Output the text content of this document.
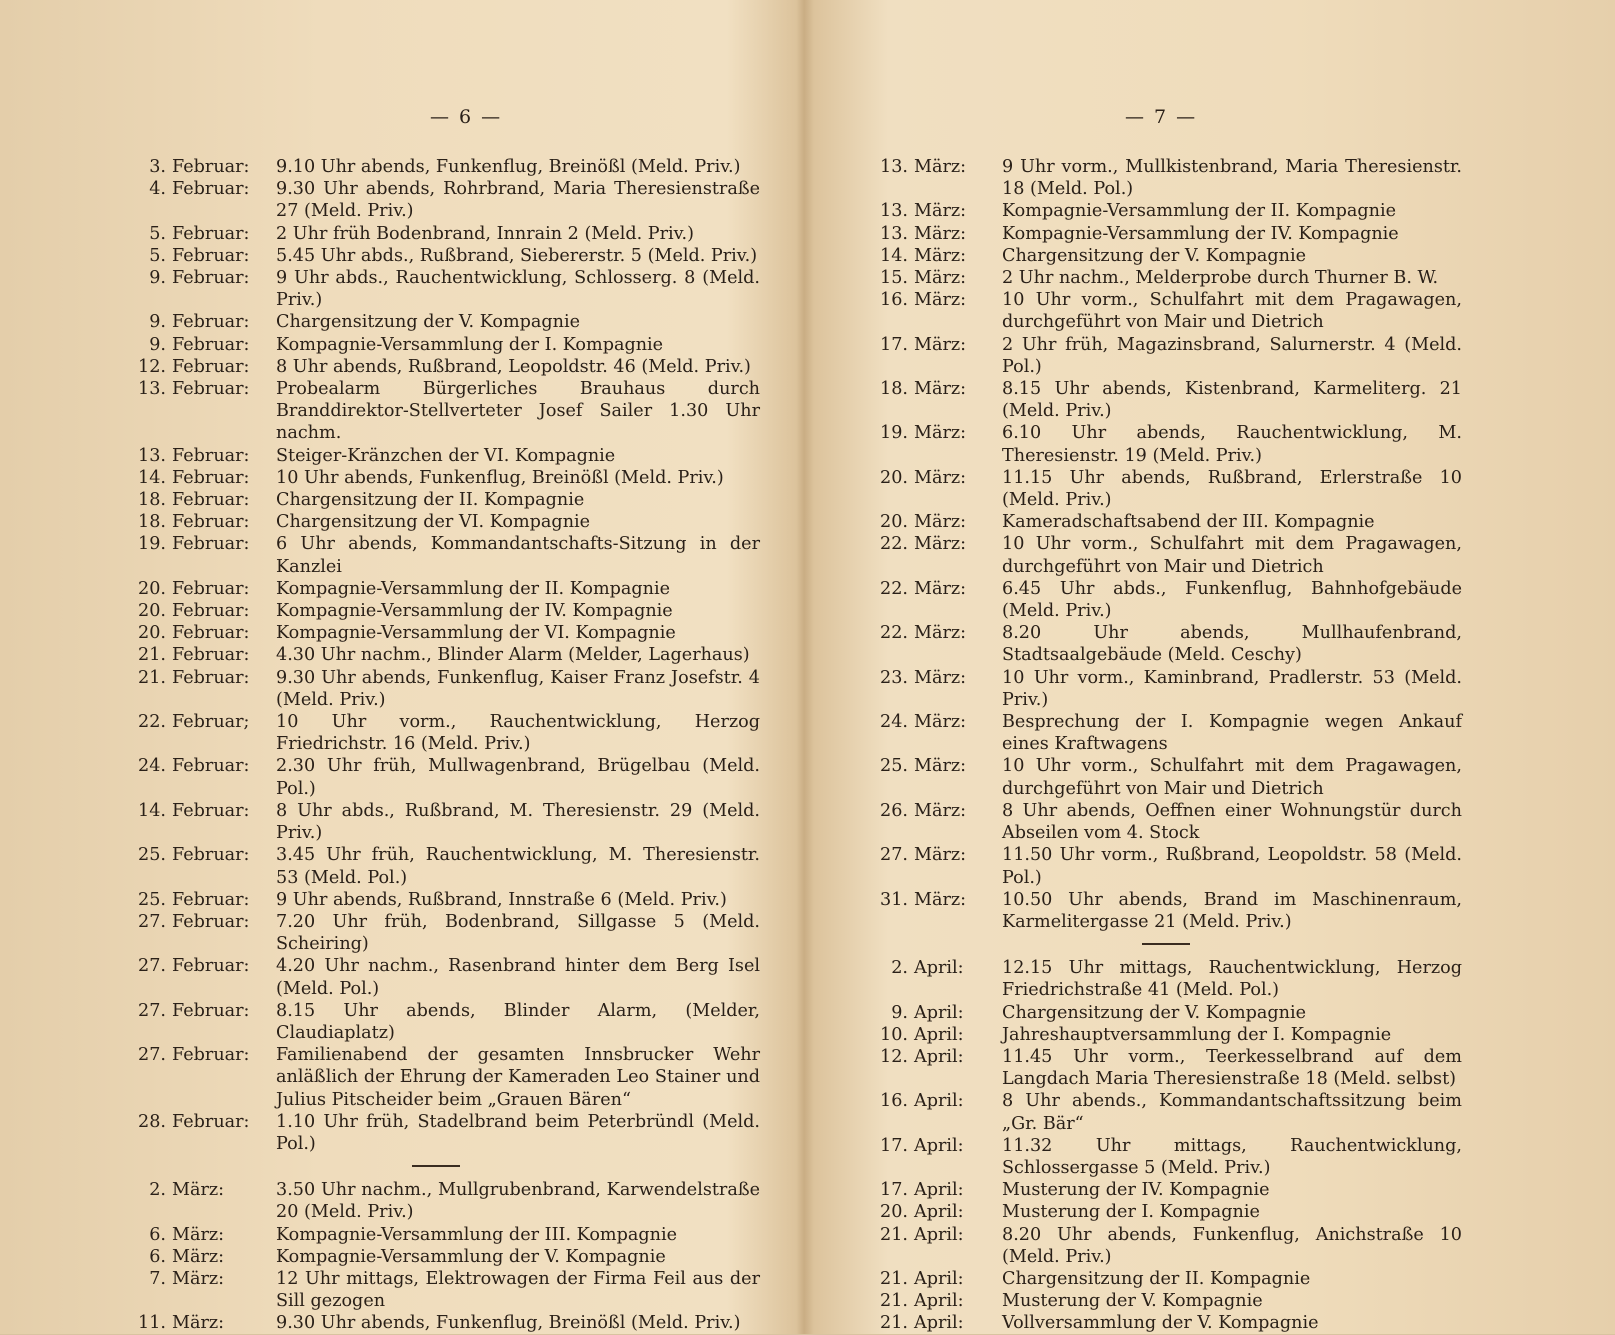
— 6 —
3. Februar:	9.10 Uhr abends, Funkenflug, Breinößl (Meld. Priv.)
4. Februar:	9.30 Uhr abends, Rohrbrand, Maria Theresienstraße 27 (Meld. Priv.)
5. Februar:	2 Uhr früh Bodenbrand, Innrain 2 (Meld. Priv.)
5. Februar:	5.45 Uhr abds., Rußbrand, Siebererstr. 5 (Meld. Priv.)
9. Februar:	9 Uhr abds., Rauchentwicklung, Schlosserg. 8 (Meld. Priv.)
9. Februar:	Chargensitzung der V. Kompagnie
9. Februar:	Kompagnie-Versammlung der I. Kompagnie
12. Februar:	8 Uhr abends, Rußbrand, Leopoldstr. 46 (Meld. Priv.)
13. Februar:	Probealarm Bürgerliches Brauhaus durch Branddirektor-Stellverteter Josef Sailer 1.30 Uhr nachm.
13. Februar:	Steiger-Kränzchen der VI. Kompagnie
14. Februar:	10 Uhr abends, Funkenflug, Breinößl (Meld. Priv.)
18. Februar:	Chargensitzung der II. Kompagnie
18. Februar:	Chargensitzung der VI. Kompagnie
19. Februar:	6 Uhr abends, Kommandantschafts-Sitzung in der Kanzlei
20. Februar:	Kompagnie-Versammlung der II. Kompagnie
20. Februar:	Kompagnie-Versammlung der IV. Kompagnie
20. Februar:	Kompagnie-Versammlung der VI. Kompagnie
21. Februar:	4.30 Uhr nachm., Blinder Alarm (Melder, Lagerhaus)
21. Februar:	9.30 Uhr abends, Funkenflug, Kaiser Franz Josefstr. 4 (Meld. Priv.)
22. Februar;	10 Uhr vorm., Rauchentwicklung, Herzog Friedrichstr. 16 (Meld. Priv.)
24. Februar:	2.30 Uhr früh, Mullwagenbrand, Brügelbau (Meld. Pol.)
14. Februar:	8 Uhr abds., Rußbrand, M. Theresienstr. 29 (Meld. Priv.)
25. Februar:	3.45 Uhr früh, Rauchentwicklung, M. Theresienstr. 53 (Meld. Pol.)
25. Februar:	9 Uhr abends, Rußbrand, Innstraße 6 (Meld. Priv.)
27. Februar:	7.20 Uhr früh, Bodenbrand, Sillgasse 5 (Meld. Scheiring)
27. Februar:	4.20 Uhr nachm., Rasenbrand hinter dem Berg Isel (Meld. Pol.)
27. Februar:	8.15 Uhr abends, Blinder Alarm, (Melder, Claudiaplatz)
27. Februar:	Familienabend der gesamten Innsbrucker Wehr anläßlich der Ehrung der Kameraden Leo Stainer und Julius Pitscheider beim „Grauen Bären“
28. Februar:	1.10 Uhr früh, Stadelbrand beim Peterbründl (Meld. Pol.)
2. März:	3.50 Uhr nachm., Mullgrubenbrand, Karwendelstraße 20 (Meld. Priv.)
6. März:	Kompagnie-Versammlung der III. Kompagnie
6. März:	Kompagnie-Versammlung der V. Kompagnie
7. März:	12 Uhr mittags, Elektrowagen der Firma Feil aus der Sill gezogen
11. März:	9.30 Uhr abends, Funkenflug, Breinößl (Meld. Priv.)
— 7 —
13. März:	9 Uhr vorm., Mullkistenbrand, Maria Theresienstr. 18 (Meld. Pol.)
13. März:	Kompagnie-Versammlung der II. Kompagnie
13. März:	Kompagnie-Versammlung der IV. Kompagnie
14. März:	Chargensitzung der V. Kompagnie
15. März:	2 Uhr nachm., Melderprobe durch Thurner B. W.
16. März:	10 Uhr vorm., Schulfahrt mit dem Pragawagen, durchgeführt von Mair und Dietrich
17. März:	2 Uhr früh, Magazinsbrand, Salurnerstr. 4 (Meld. Pol.)
18. März:	8.15 Uhr abends, Kistenbrand, Karmeliterg. 21 (Meld. Priv.)
19. März:	6.10 Uhr abends, Rauchentwicklung, M. Theresienstr. 19 (Meld. Priv.)
20. März:	11.15 Uhr abends, Rußbrand, Erlerstraße 10 (Meld. Priv.)
20. März:	Kameradschaftsabend der III. Kompagnie
22. März:	10 Uhr vorm., Schulfahrt mit dem Pragawagen, durchgeführt von Mair und Dietrich
22. März:	6.45 Uhr abds., Funkenflug, Bahnhofgebäude (Meld. Priv.)
22. März:	8.20 Uhr abends, Mullhaufenbrand, Stadtsaalgebäude (Meld. Ceschy)
23. März:	10 Uhr vorm., Kaminbrand, Pradlerstr. 53 (Meld. Priv.)
24. März:	Besprechung der I. Kompagnie wegen Ankauf eines Kraftwagens
25. März:	10 Uhr vorm., Schulfahrt mit dem Pragawagen, durchgeführt von Mair und Dietrich
26. März:	8 Uhr abends, Oeffnen einer Wohnungstür durch Abseilen vom 4. Stock
27. März:	11.50 Uhr vorm., Rußbrand, Leopoldstr. 58 (Meld. Pol.)
31. März:	10.50 Uhr abends, Brand im Maschinenraum, Karmelitergasse 21 (Meld. Priv.)
2. April:	12.15 Uhr mittags, Rauchentwicklung, Herzog Friedrichstraße 41 (Meld. Pol.)
9. April:	Chargensitzung der V. Kompagnie
10. April:	Jahreshauptversammlung der I. Kompagnie
12. April:	11.45 Uhr vorm., Teerkesselbrand auf dem Langdach Maria Theresienstraße 18 (Meld. selbst)
16. April:	8 Uhr abends., Kommandantschaftssitzung beim „Gr. Bär“
17. April:	11.32 Uhr mittags, Rauchentwicklung, Schlossergasse 5 (Meld. Priv.)
17. April:	Musterung der IV. Kompagnie
20. April:	Musterung der I. Kompagnie
21. April:	8.20 Uhr abends, Funkenflug, Anichstraße 10 (Meld. Priv.)
21. April:	Chargensitzung der II. Kompagnie
21. April:	Musterung der V. Kompagnie
21. April:	Vollversammlung der V. Kompagnie
